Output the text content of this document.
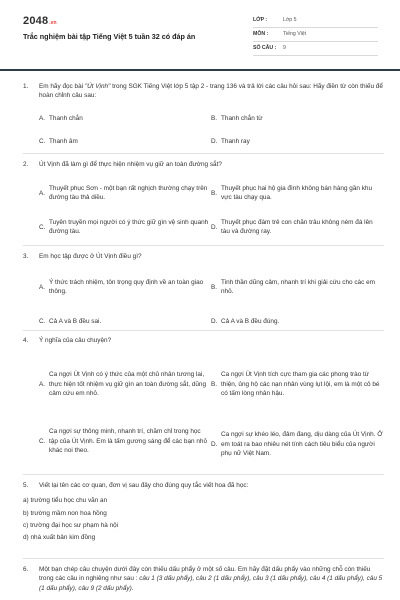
2048 .vn
Trắc nghiệm bài tập Tiếng Việt 5 tuần 32 có đáp án
LỚP :	Lớp 5
MÔN :	Tiếng Việt
SỐ CÂU :	9
1.	Em hãy đọc bài "Út Vịnh" trong SGK Tiếng Việt lớp 5 tập 2 - trang 136 và trả lời các câu hỏi sau: Hãy điền từ còn thiếu để hoàn chỉnh câu sau:
A. Thanh chắn	B. Thanh chắn từ
C. Thanh âm	D. Thanh ray
2.	Út Vịnh đã làm gì để thực hiện nhiệm vụ giữ an toàn đường sắt?
A.
Thuyết phục Sơn - một bạn rất nghịch thường chạy trên đường tàu thả diều.
B.
Thuyết phục hai hộ gia đình không bán hàng gần khu vực tàu chạy qua.
C.
Tuyên truyền mọi người có ý thức giữ gìn vệ sinh quanh đường tàu.
D.
Thuyết phục đám trẻ con chăn trâu không ném đá lên tàu và đường ray.
3.	Em học tập được ở Út Vịnh điều gì?
A.
Ý thức trách nhiệm, tôn trọng quy định về an toàn giao thông.
B.
Tinh thần dũng cảm, nhanh trí khi giải cứu cho các em nhỏ.
C. Cả A và B đều sai.	D. Cả A và B đều đúng.
4.	Ý nghĩa của câu chuyện?
A.
Ca ngợi Út Vịnh có ý thức của một chủ nhân tương lai, thực hiện tốt nhiệm vụ giữ gìn an toàn đường sắt, dũng cảm cứu em nhỏ.
B.
Ca ngợi Út Vịnh tích cực tham gia các phong trào từ thiện, ủng hộ các nạn nhân vùng lụt lội, em là một cô bé có tấm lòng nhân hậu.
C.
Ca ngợi sự thông minh, nhanh trí, chăm chỉ trong học tập của Út Vịnh. Em là tấm gương sáng để các bạn nhỏ khác noi theo.
D.
Ca ngợi sự khéo léo, đảm đang, dịu dàng của Út Vịnh. Ở em toát ra bao nhiêu nét tính cách tiêu biểu của người phụ nữ Việt Nam.
5.	Viết lại tên các cơ quan, đơn vị sau đây cho đúng quy tắc viết hoa đã học:
a) trường tiểu học chu văn an
b) trường mầm non hoa hồng
c) trường đại học sư phạm hà nội
d) nhà xuất bản kim đồng
6.	Một bạn chép câu chuyện dưới đây còn thiếu dấu phẩy ở một số câu. Em hãy đặt dấu phẩy vào những chỗ còn thiếu trong các câu in nghiêng như sau : câu 1 (3 dấu phẩy), câu 2 (1 dấu phẩy), câu 3 (1 dấu phẩy), câu 4 (1 dấu phẩy), câu 5 (1 dấu phẩy), câu 9 (2 dấu phẩy).
